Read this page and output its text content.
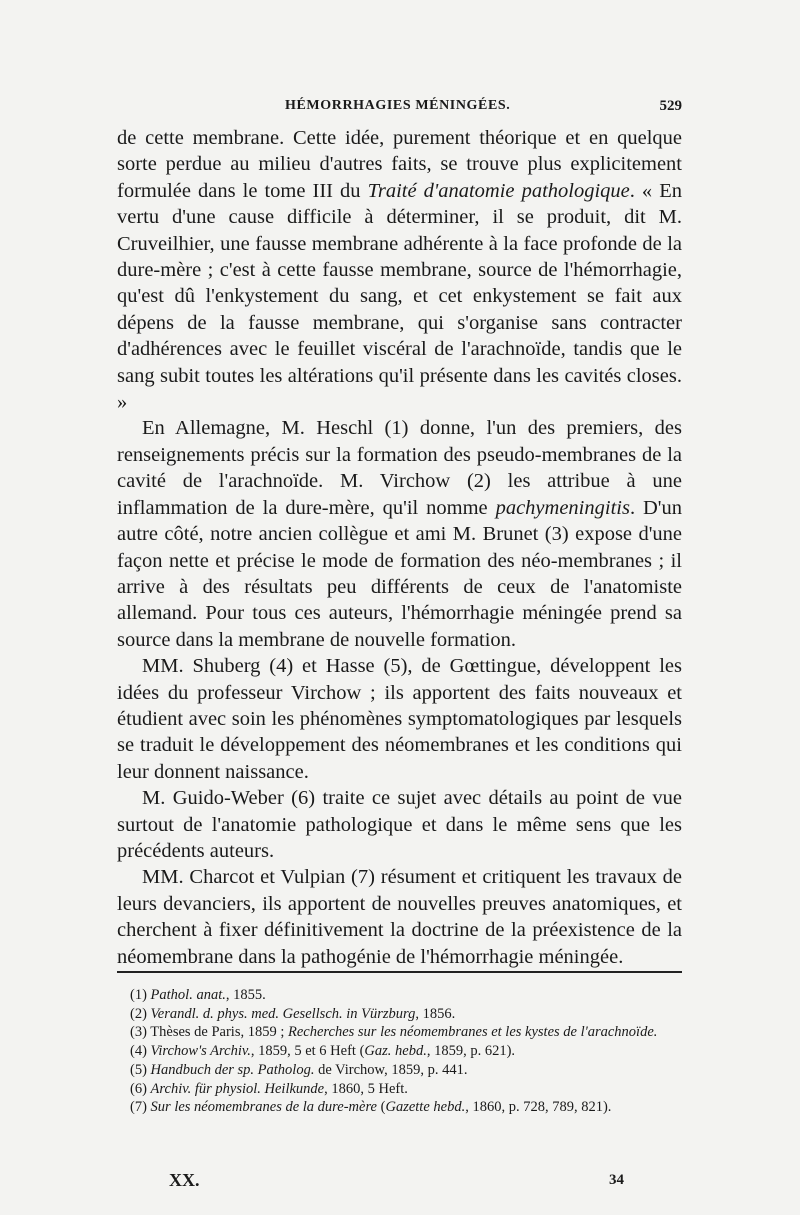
HÉMORRHAGIES MÉNINGÉES.	529

de cette membrane. Cette idée, purement théorique et en quelque sorte perdue au milieu d'autres faits, se trouve plus explicitement formulée dans le tome III du Traité d'anatomie pathologique. « En vertu d'une cause difficile à déterminer, il se produit, dit M. Cruveilhier, une fausse membrane adhérente à la face profonde de la dure-mère ; c'est à cette fausse membrane, source de l'hémorrhagie, qu'est dû l'enkystement du sang, et cet enkystement se fait aux dépens de la fausse membrane, qui s'organise sans contracter d'adhérences avec le feuillet viscéral de l'arachnoïde, tandis que le sang subit toutes les altérations qu'il présente dans les cavités closes. »

En Allemagne, M. Heschl (1) donne, l'un des premiers, des renseignements précis sur la formation des pseudo-membranes de la cavité de l'arachnoïde. M. Virchow (2) les attribue à une inflammation de la dure-mère, qu'il nomme pachymeningitis. D'un autre côté, notre ancien collègue et ami M. Brunet (3) expose d'une façon nette et précise le mode de formation des néo-membranes ; il arrive à des résultats peu différents de ceux de l'anatomiste allemand. Pour tous ces auteurs, l'hémorrhagie méningée prend sa source dans la membrane de nouvelle formation.

MM. Shuberg (4) et Hasse (5), de Gœttingue, développent les idées du professeur Virchow ; ils apportent des faits nouveaux et étudient avec soin les phénomènes symptomatologiques par lesquels se traduit le développement des néomembranes et les conditions qui leur donnent naissance.

M. Guido-Weber (6) traite ce sujet avec détails au point de vue surtout de l'anatomie pathologique et dans le même sens que les précédents auteurs.

MM. Charcot et Vulpian (7) résument et critiquent les travaux de leurs devanciers, ils apportent de nouvelles preuves anatomiques, et cherchent à fixer définitivement la doctrine de la préexistence de la néomembrane dans la pathogénie de l'hémorrhagie méningée.

(1) Pathol. anat., 1855.

(2) Verandl. d. phys. med. Gesellsch. in Vürzburg, 1856.

(3) Thèses de Paris, 1859 ; Recherches sur les néomembranes et les kystes de l'arachnoïde.

(4) Virchow's Archiv., 1859, 5 et 6 Heft (Gaz. hebd., 1859, p. 621).

(5) Handbuch der sp. Patholog. de Virchow, 1859, p. 441.

(6) Archiv. für physiol. Heilkunde, 1860, 5 Heft.

(7) Sur les néomembranes de la dure-mère (Gazette hebd., 1860, p. 728, 789, 821).

XX.	34
